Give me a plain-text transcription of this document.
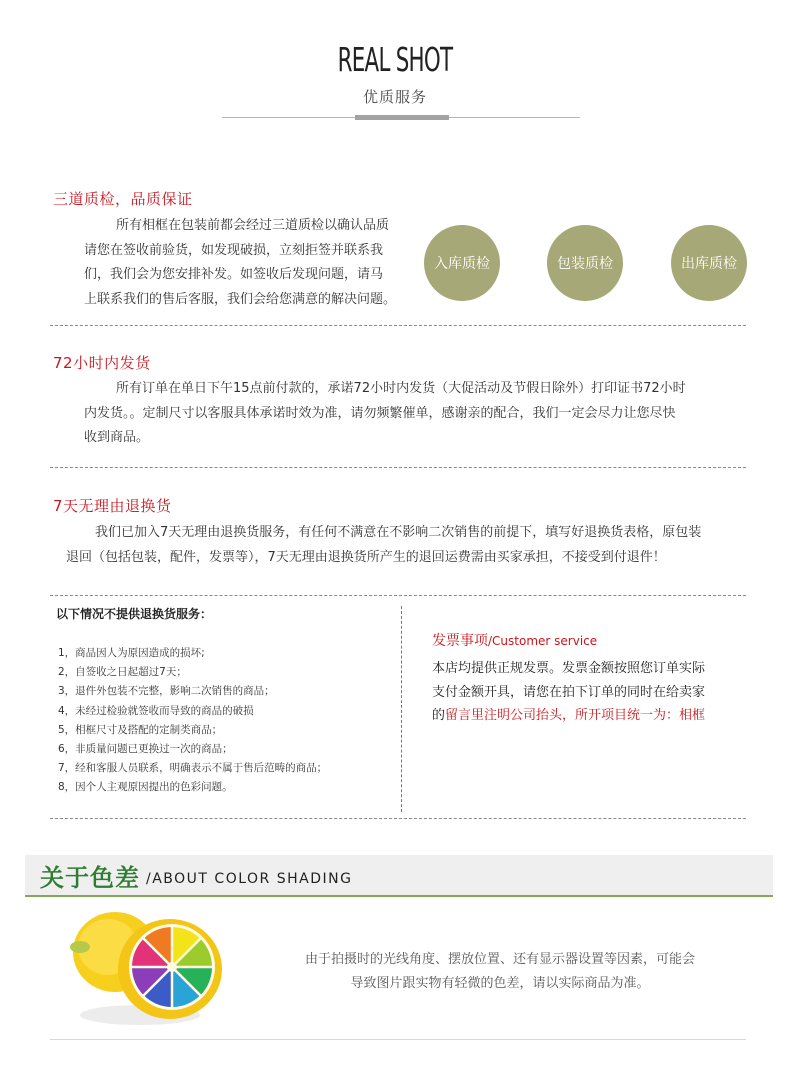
REAL SHOT
优质服务
三道质检，品质保证
所有相框在包装前都会经过三道质检以确认品质
请您在签收前验货，如发现破损，立刻拒签并联系我
们，我们会为您安排补发。如签收后发现问题，请马
上联系我们的售后客服，我们会给您满意的解决问题。
入库质检	包装质检	出库质检
72小时内发货
所有订单在单日下午15点前付款的，承诺72小时内发货（大促活动及节假日除外）打印证书72小时
内发货。。定制尺寸以客服具体承诺时效为准，请勿频繁催单，感谢亲的配合，我们一定会尽力让您尽快
收到商品。
7天无理由退换货
我们已加入7天无理由退换货服务，有任何不满意在不影响二次销售的前提下，填写好退换货表格，原包装
退回（包括包装，配件，发票等），7天无理由退换货所产生的退回运费需由买家承担，不接受到付退件！
以下情况不提供退换货服务：
1，商品因人为原因造成的损坏;
2，自签收之日起超过7天；
3，退件外包装不完整，影响二次销售的商品；
4，未经过检验就签收而导致的商品的破损
5，相框尺寸及搭配的定制类商品；
6，非质量问题已更换过一次的商品；
7，经和客服人员联系，明确表示不属于售后范畴的商品；
8，因个人主观原因提出的色彩问题。
发票事项/Customer service
本店均提供正规发票。发票金额按照您订单实际
支付金额开具，请您在拍下订单的同时在给卖家
的留言里注明公司抬头，所开项目统一为：相框
关于色差 /ABOUT COLOR SHADING
由于拍摄时的光线角度、摆放位置、还有显示器设置等因素，可能会
导致图片跟实物有轻微的色差，请以实际商品为准。
